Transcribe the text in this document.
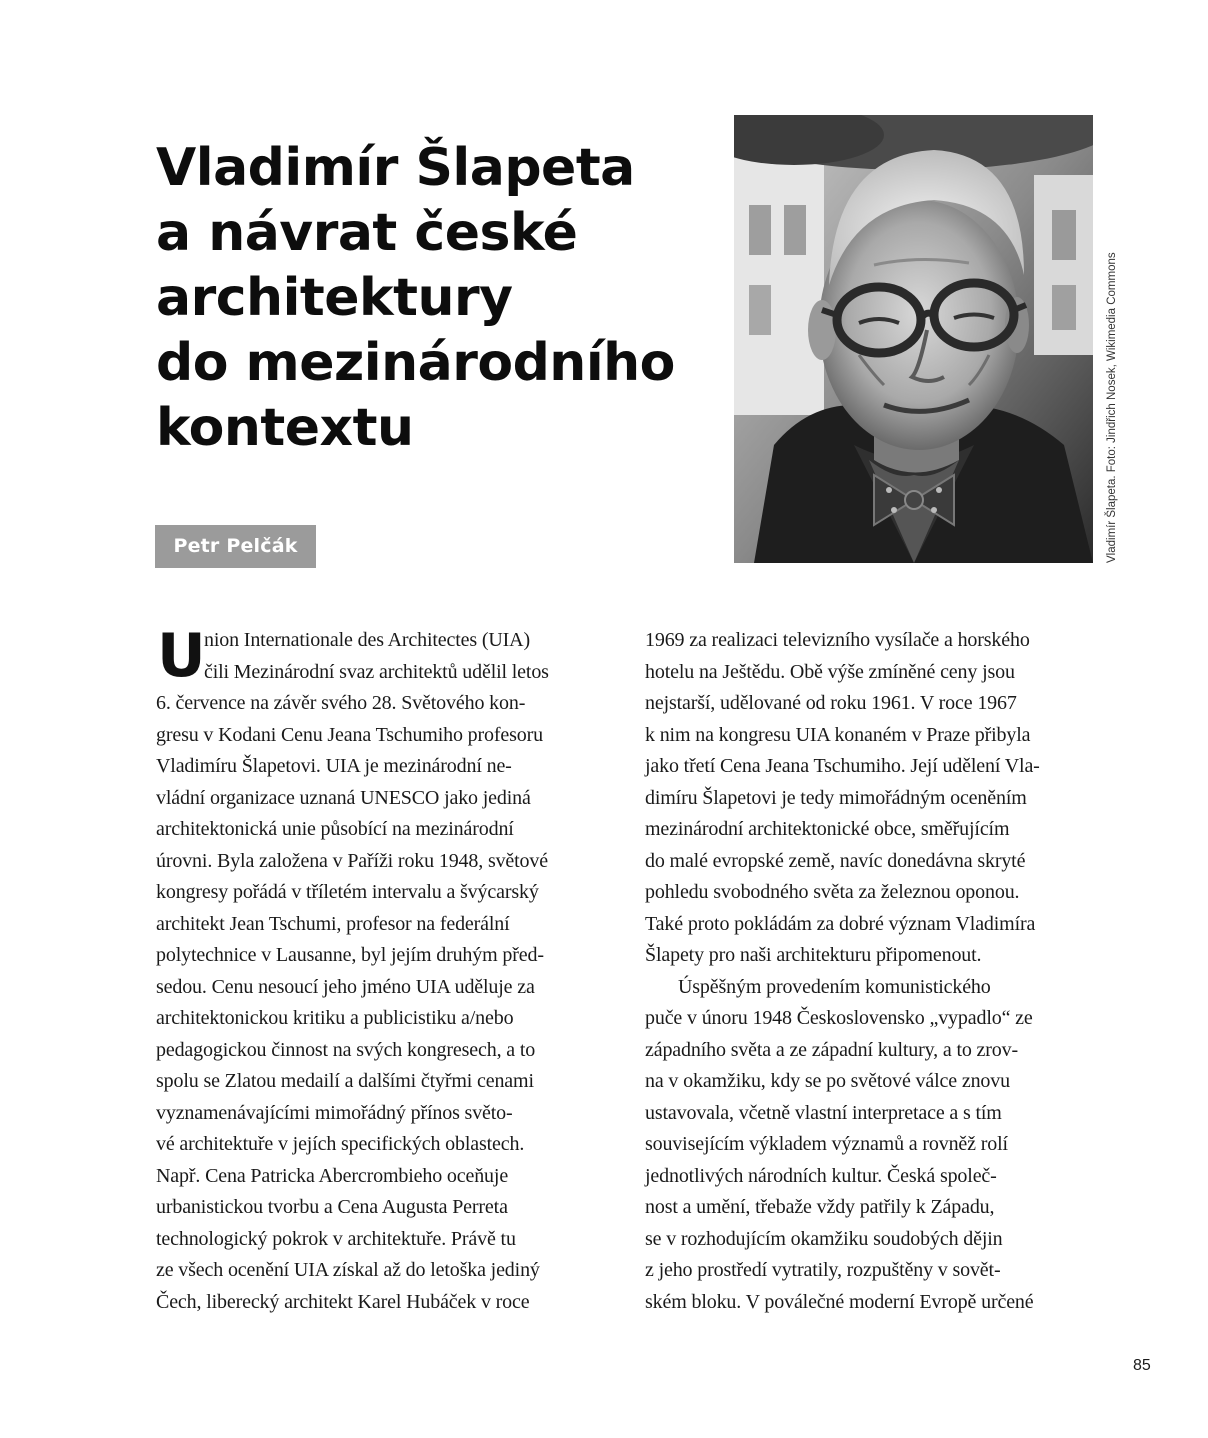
Vladimír Šlapeta
a návrat české
architektury
do mezinárodního
kontextu
Petr Pelčák	Vladimír Šlapeta. Foto: Jindřich Nosek, Wikimedia Commons
U
nion Internationale des Architectes (UIA)
čili Mezinárodní svaz architektů udělil letos
6. července na závěr svého 28. Světového kon-
gresu v Kodani Cenu Jeana Tschumiho profesoru
Vladimíru Šlapetovi. UIA je mezinárodní ne-
vládní organizace uznaná UNESCO jako jediná
architektonická unie působící na mezinárodní
úrovni. Byla založena v Paříži roku 1948, světové
kongresy pořádá v tříletém intervalu a švýcarský
architekt Jean Tschumi, profesor na federální
polytechnice v Lausanne, byl jejím druhým před-
sedou. Cenu nesoucí jeho jméno UIA uděluje za
architektonickou kritiku a publicistiku a/nebo
pedagogickou činnost na svých kongresech, a to
spolu se Zlatou medailí a dalšími čtyřmi cenami
vyznamenávajícími mimořádný přínos světo-
vé architektuře v jejích specifických oblastech.
Např. Cena Patricka Abercrombieho oceňuje
urbanistickou tvorbu a Cena Augusta Perreta
technologický pokrok v architektuře. Právě tu
ze všech ocenění UIA získal až do letoška jediný
Čech, liberecký architekt Karel Hubáček v roce
1969 za realizaci televizního vysílače a horského
hotelu na Ještědu. Obě výše zmíněné ceny jsou
nejstarší, udělované od roku 1961. V roce 1967
k nim na kongresu UIA konaném v Praze přibyla
jako třetí Cena Jeana Tschumiho. Její udělení Vla-
dimíru Šlapetovi je tedy mimořádným oceněním
mezinárodní architektonické obce, směřujícím
do malé evropské země, navíc donedávna skryté
pohledu svobodného světa za železnou oponou.
Také proto pokládám za dobré význam Vladimíra
Šlapety pro naši architekturu připomenout.
Úspěšným provedením komunistického
puče v únoru 1948 Československo „vypadlo“ ze
západního světa a ze západní kultury, a to zrov-
na v okamžiku, kdy se po světové válce znovu
ustavovala, včetně vlastní interpretace a s tím
souvisejícím výkladem významů a rovněž rolí
jednotlivých národních kultur. Česká společ-
nost a umění, třebaže vždy patřily k Západu,
se v rozhodujícím okamžiku soudobých dějin
z jeho prostředí vytratily, rozpuštěny v sovět-
ském bloku. V poválečné moderní Evropě určené
85
